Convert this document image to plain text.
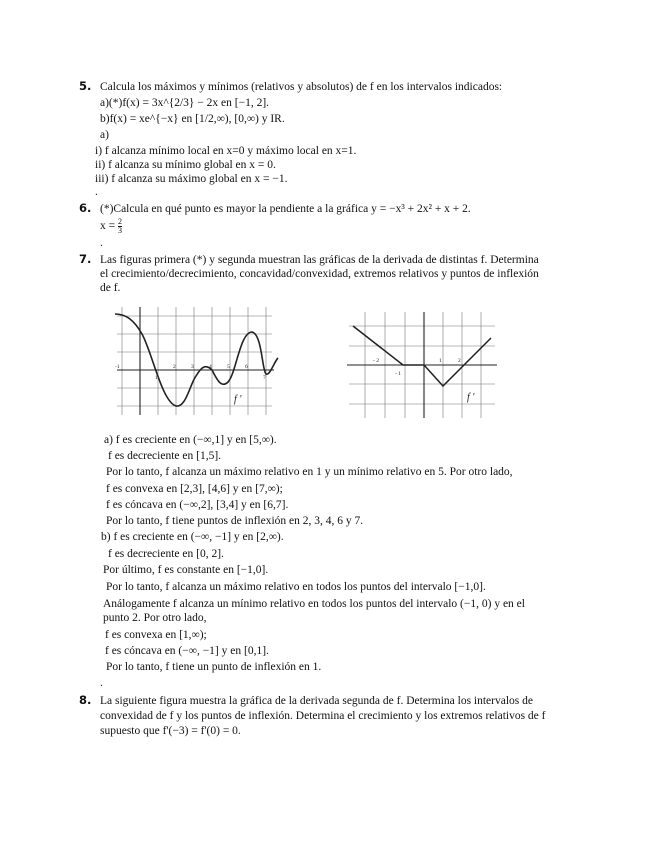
5. Calcula los máximos y mínimos (relativos y absolutos) de f en los intervalos indicados:
a)(*)f(x) = 3x^{2/3} − 2x en [−1, 2].
b)f(x) = xe^{−x} en [1/2,∞), [0,∞) y IR.
a)
i) f alcanza mínimo local en x=0 y máximo local en x=1.
ii) f alcanza su mínimo global en x = 0.
iii) f alcanza su máximo global en x = −1.
.
6. (*)Calcula en qué punto es mayor la pendiente a la gráfica y = −x³ + 2x² + x + 2.
$x = \frac{2}{3}$
.
7. Las figuras primera (*) y segunda muestran las gráficas de la derivada de distintas f. Determina
el crecimiento/decrecimiento, concavidad/convexidad, extremos relativos y puntos de inflexión
de f.
-1
1
2	3	4	5	6
7
f '
- 2
- 1
1	2
f '
a) f es creciente en (−∞,1] y en [5,∞).
f es decreciente en [1,5].
Por lo tanto, f alcanza un máximo relativo en 1 y un mínimo relativo en 5. Por otro lado,
f es convexa en [2,3], [4,6] y en [7,∞);
f es cóncava en (−∞,2], [3,4] y en [6,7].
Por lo tanto, f tiene puntos de inflexión en 2, 3, 4, 6 y 7.
b) f es creciente en (−∞, −1] y en [2,∞).
f es decreciente en [0, 2].
Por último, f es constante en [−1,0].
Por lo tanto, f alcanza un máximo relativo en todos los puntos del intervalo [−1,0].
Análogamente f alcanza un mínimo relativo en todos los puntos del intervalo (−1, 0) y en el
punto 2. Por otro lado,
f es convexa en [1,∞);
f es cóncava en (−∞, −1] y en [0,1].
Por lo tanto, f tiene un punto de inflexión en 1.
.
8. La siguiente figura muestra la gráfica de la derivada segunda de f. Determina los intervalos de
convexidad de f y los puntos de inflexión. Determina el crecimiento y los extremos relativos de f
supuesto que f'(−3) = f'(0) = 0.
